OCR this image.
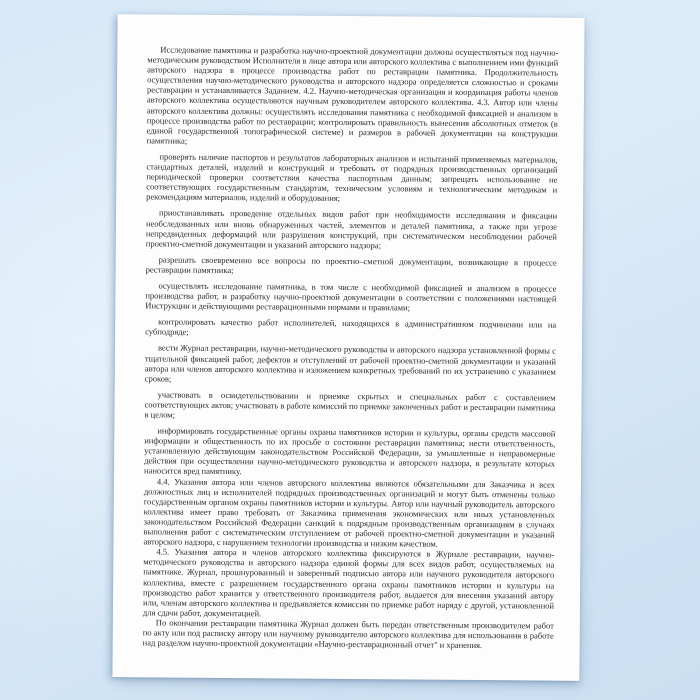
Исследование памятника и разработка научно-проектной документации должны осуществляться под научно- методическим руководством Исполнителя в лице автора или авторского коллектива с выполнением ими функций авторского надзора в процессе производства работ по реставрации памятника. Продолжительность осуществления научно-методического руководства и авторского надзора определяется сложностью и сроками реставрации и устанавливается Заданием. 4.2. Научно-методическая организация и координация работы членов авторского коллектива осуществляются научным руководителем авторского коллектива. 4.3. Автор или члены авторского коллектива должны: осуществлять исследования памятника с необходимой фиксацией и анализом в процессе производства работ по реставрации; контролировать правильность вынесения абсолютных отметок (в единой государственной топографической системе) и размеров в рабочей документации на конструкции памятника;

проверять наличие паспортов и результатов лабораторных анализов и испытаний применяемых материалов, стандартных деталей, изделий и конструкций и требовать от подрядных производственных организаций периодической проверки соответствия качества паспортным данным; запрещать использование не соответствующих государственным стандартам, техническим условиям и технологическим методикам и рекомендациям материалов, изделий и оборудования;

приостанавливать проведение отдельных видов работ при необходимости исследования и фиксации необследованных или вновь обнаруженных частей, элементов и деталей памятника, а также при угрозе непредвиденных деформаций или разрушения конструкций, при систематическом несоблюдении рабочей проектно-сметной документации и указаний авторского надзора;

разрешать своевременно все вопросы по проектно–сметной документации, возникающие в процессе реставрации памятника;

осуществлять исследование памятника, в том числе с необходимой фиксацией и анализом в процессе производства работ, и разработку научно-проектной документации в соответствии с положениями настоящей Инструкции и действующими реставрационными нормами и правилами;

контролировать качество работ исполнителей, находящихся в административном подчинении или на субподряде;

вести Журнал реставрации, научно-методического руководства и авторского надзора установленной формы с тщательной фиксацией работ, дефектов и отступлений от рабочей проектно-сметной документации и указаний автора или членов авторского коллектива и изложением конкретных требований по их устранению с указанием сроков;

участвовать в освидетельствовании и приемке скрытых и специальных работ с составлением соответствующих актов; участвовать в работе комиссий по приемке законченных работ и реставрации памятника в целом;

информировать государственные органы охраны памятников истории и культуры, органы средств массовой информации и общественность по их просьбе о состоянии реставрации памятника; нести ответственность, установленную действующим законодательством Российской Федерации, за умышленные и неправомерные действия при осуществлении научно-методического руководства и авторского надзора, в результате которых наносится вред памятнику.

4.4. Указания автора или членов авторского коллектива являются обязательными для Заказчика и всех должностных лиц и исполнителей подрядных производственных организаций и могут быть отменены только государственным органом охраны памятников истории и культуры. Автор или научный руководитель авторского коллектива имеет право требовать от Заказчика применения экономических или иных установленных законодательством Российской Федерации санкций к подрядным производственным организациям в случаях выполнения работ с систематическим отступлением от рабочей проектно-сметной документации и указаний авторского надзора, с нарушением технологии производства и низким качеством.

4.5. Указания автора и членов авторского коллектива фиксируются в Журнале реставрации, научно-методического руководства и авторского надзора единой формы для всех видов работ, осуществляемых на памятнике. Журнал, прошнурованный и заверенный подписью автора или научного руководителя авторского коллектива, вместе с разрешением государственного органа охраны памятников истории и культуры на производство работ хранится у ответственного производителя работ, выдается для внесения указаний автору или, членам авторского коллектива и предъявляется комиссии по приемке работ наряду с другой, установленной для сдачи работ, документацией.

По окончании реставрации памятника Журнал должен быть передан ответственным производителем работ по акту или под расписку автору или научному руководителю авторского коллектива для использования в работе над разделом научно-проектной документации «Научно-реставрационный отчет" и хранения.
